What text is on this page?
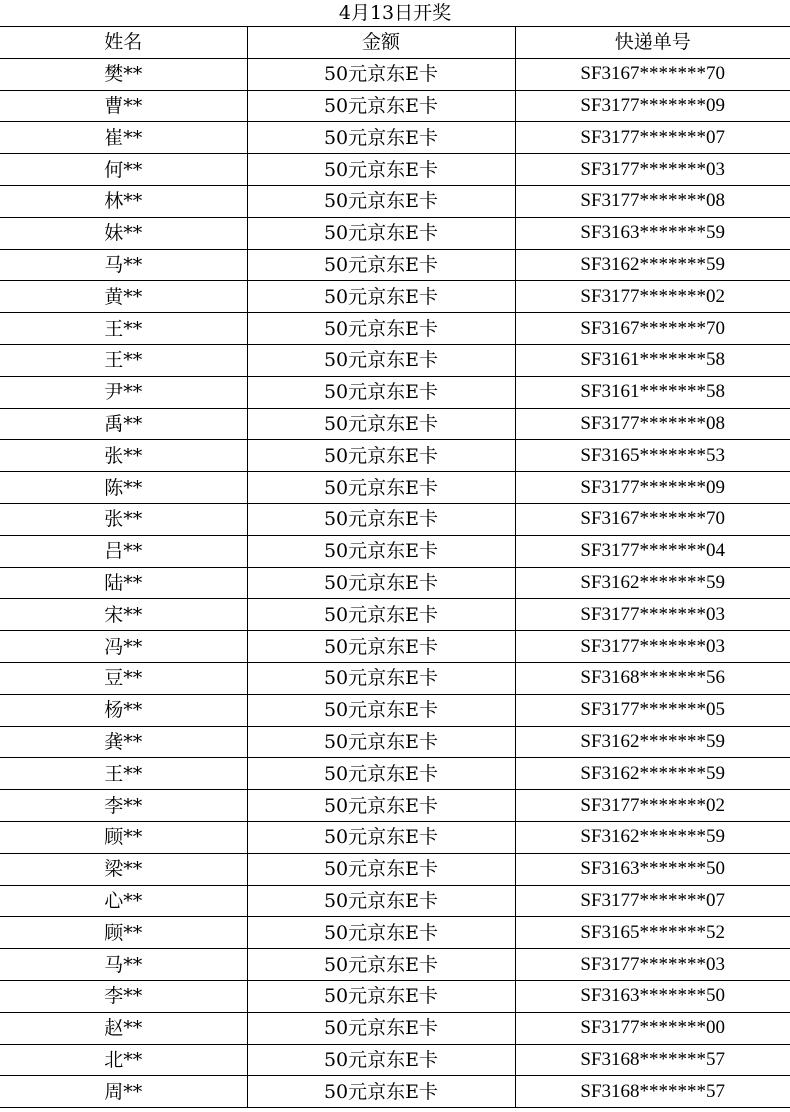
4月13日开奖
姓名	金额	快递单号
樊**	50元京东E卡	SF3167*******70
曹**	50元京东E卡	SF3177*******09
崔**	50元京东E卡	SF3177*******07
何**	50元京东E卡	SF3177*******03
林**	50元京东E卡	SF3177*******08
妹**	50元京东E卡	SF3163*******59
马**	50元京东E卡	SF3162*******59
黄**	50元京东E卡	SF3177*******02
王**	50元京东E卡	SF3167*******70
王**	50元京东E卡	SF3161*******58
尹**	50元京东E卡	SF3161*******58
禹**	50元京东E卡	SF3177*******08
张**	50元京东E卡	SF3165*******53
陈**	50元京东E卡	SF3177*******09
张**	50元京东E卡	SF3167*******70
吕**	50元京东E卡	SF3177*******04
陆**	50元京东E卡	SF3162*******59
宋**	50元京东E卡	SF3177*******03
冯**	50元京东E卡	SF3177*******03
豆**	50元京东E卡	SF3168*******56
杨**	50元京东E卡	SF3177*******05
龚**	50元京东E卡	SF3162*******59
王**	50元京东E卡	SF3162*******59
李**	50元京东E卡	SF3177*******02
顾**	50元京东E卡	SF3162*******59
梁**	50元京东E卡	SF3163*******50
心**	50元京东E卡	SF3177*******07
顾**	50元京东E卡	SF3165*******52
马**	50元京东E卡	SF3177*******03
李**	50元京东E卡	SF3163*******50
赵**	50元京东E卡	SF3177*******00
北**	50元京东E卡	SF3168*******57
周**	50元京东E卡	SF3168*******57
